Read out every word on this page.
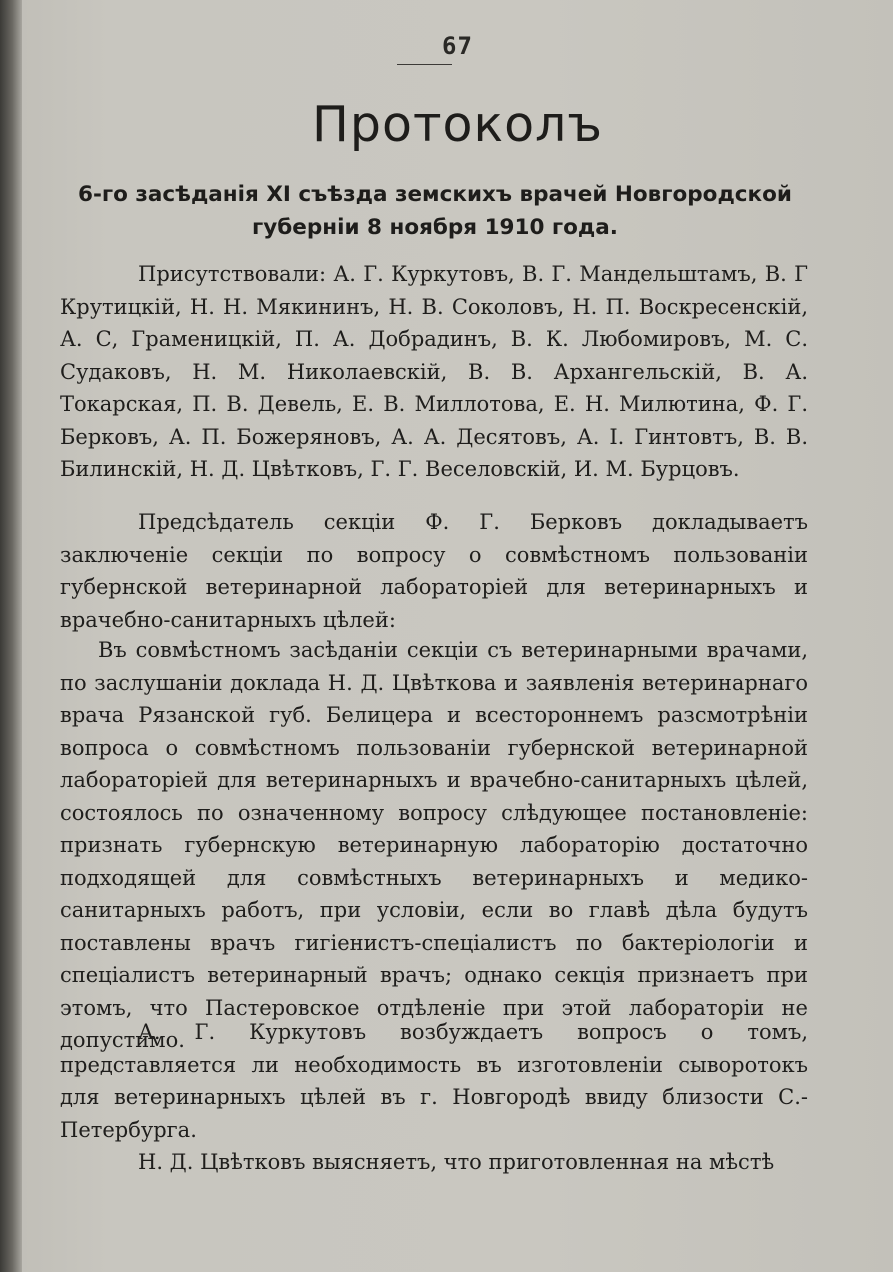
67
Протоколъ
6-го засѣданія XI съѣзда земскихъ врачей Новгородской губерніи 8 ноября 1910 года.

Присутствовали: А. Г. Куркутовъ, В. Г. Мандельштамъ, В. Г Крутицкій, Н. Н. Мякининъ, Н. В. Соколовъ, Н. П. Воскресенскій, А. С, Граменицкій, П. А. Добрадинъ, В. К. Любомировъ, М. С. Судаковъ, Н. М. Николаевскій, В. В. Архангельскій, В. А. Токарская, П. В. Девель, Е. В. Миллотова, Е. Н. Милютина, Ф. Г. Берковъ, А. П. Божеряновъ, А. А. Десятовъ, А. І. Гинтовтъ, В. В. Билинскій, Н. Д. Цвѣтковъ, Г. Г. Веселовскій, И. М. Бурцовъ.

Предсѣдатель секціи Ф. Г. Берковъ докладываетъ заключеніе секціи по вопросу о совмѣстномъ пользованіи губернской ветеринарной лабораторіей для ветеринарныхъ и врачебно-санитарныхъ цѣлей:

Въ совмѣстномъ засѣданіи секціи съ ветеринарными врачами, по заслушаніи доклада Н. Д. Цвѣткова и заявленія ветеринарнаго врача Рязанской губ. Белицера и всестороннемъ разсмотрѣніи вопроса о совмѣстномъ пользованіи губернской ветеринарной лабораторіей для ветеринарныхъ и врачебно-санитарныхъ цѣлей, состоялось по означенному вопросу слѣдующее постановленіе: признать губернскую ветеринарную лабораторію достаточно подходящей для совмѣстныхъ ветеринарныхъ и медико-санитарныхъ работъ, при условіи, если во главѣ дѣла будутъ поставлены врачъ гигіенистъ-спеціалистъ по бактеріологіи и спеціалистъ ветеринарный врачъ; однако секція признаетъ при этомъ, что Пастеровское отдѣленіе при этой лабораторіи не допустимо.

А. Г. Куркутовъ возбуждаетъ вопросъ о томъ, представляется ли необходимость въ изготовленіи сыворотокъ для ветеринарныхъ цѣлей въ г. Новгородѣ ввиду близости С.-Петербурга.

Н. Д. Цвѣтковъ выясняетъ, что приготовленная на мѣстѣ
